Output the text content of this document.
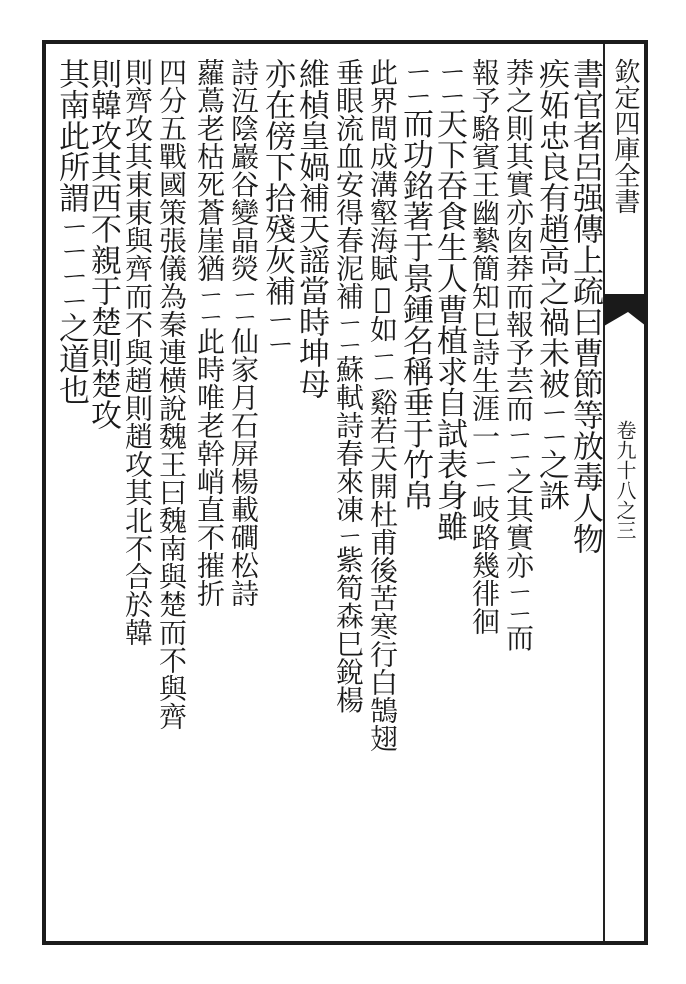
欽定四庫全書
卷九十八之三
書官者呂强傳上疏曰曹節等放毒人物
疾妬忠良有趙高之禍未被ㄧㄧ之誅
莽之則其實亦囱莽而報予芸而ㄧㄧ之其實亦ㄧㄧ而
報予駱賓王幽縶簡知巳詩生涯一ㄧㄧ岐路幾徘徊
ㄧㄧ天下吞食生人曹植求自試表身雖
ㄧㄧ而功銘著于景鍾名稱垂于竹帛
此界間成溝壑海賦𨩲如ㄧㄧ谿若天開杜甫後苦寒行白鵠翅
垂眼流血安得春泥補ㄧㄧ蘇軾詩春來凍ㄧ紫筍森巳銳楊
維楨皇媧補天謡當時坤母
亦在傍下拾殘灰補ㄧㄧ
詩沍陰巖谷變晶熒ㄧㄧ仙家月石屏楊載磵松詩
蘿蔦老枯死蒼崖猶ㄧㄧ此時唯老幹峭直不摧折
四分五戰國策張儀為秦連横說魏王曰魏南與楚而不與齊
則齊攻其東東與齊而不與趙則趙攻其北不合於韓
則韓攻其西不親于楚則楚攻
其南此所謂ㄧㄧㄧㄧ之道也
